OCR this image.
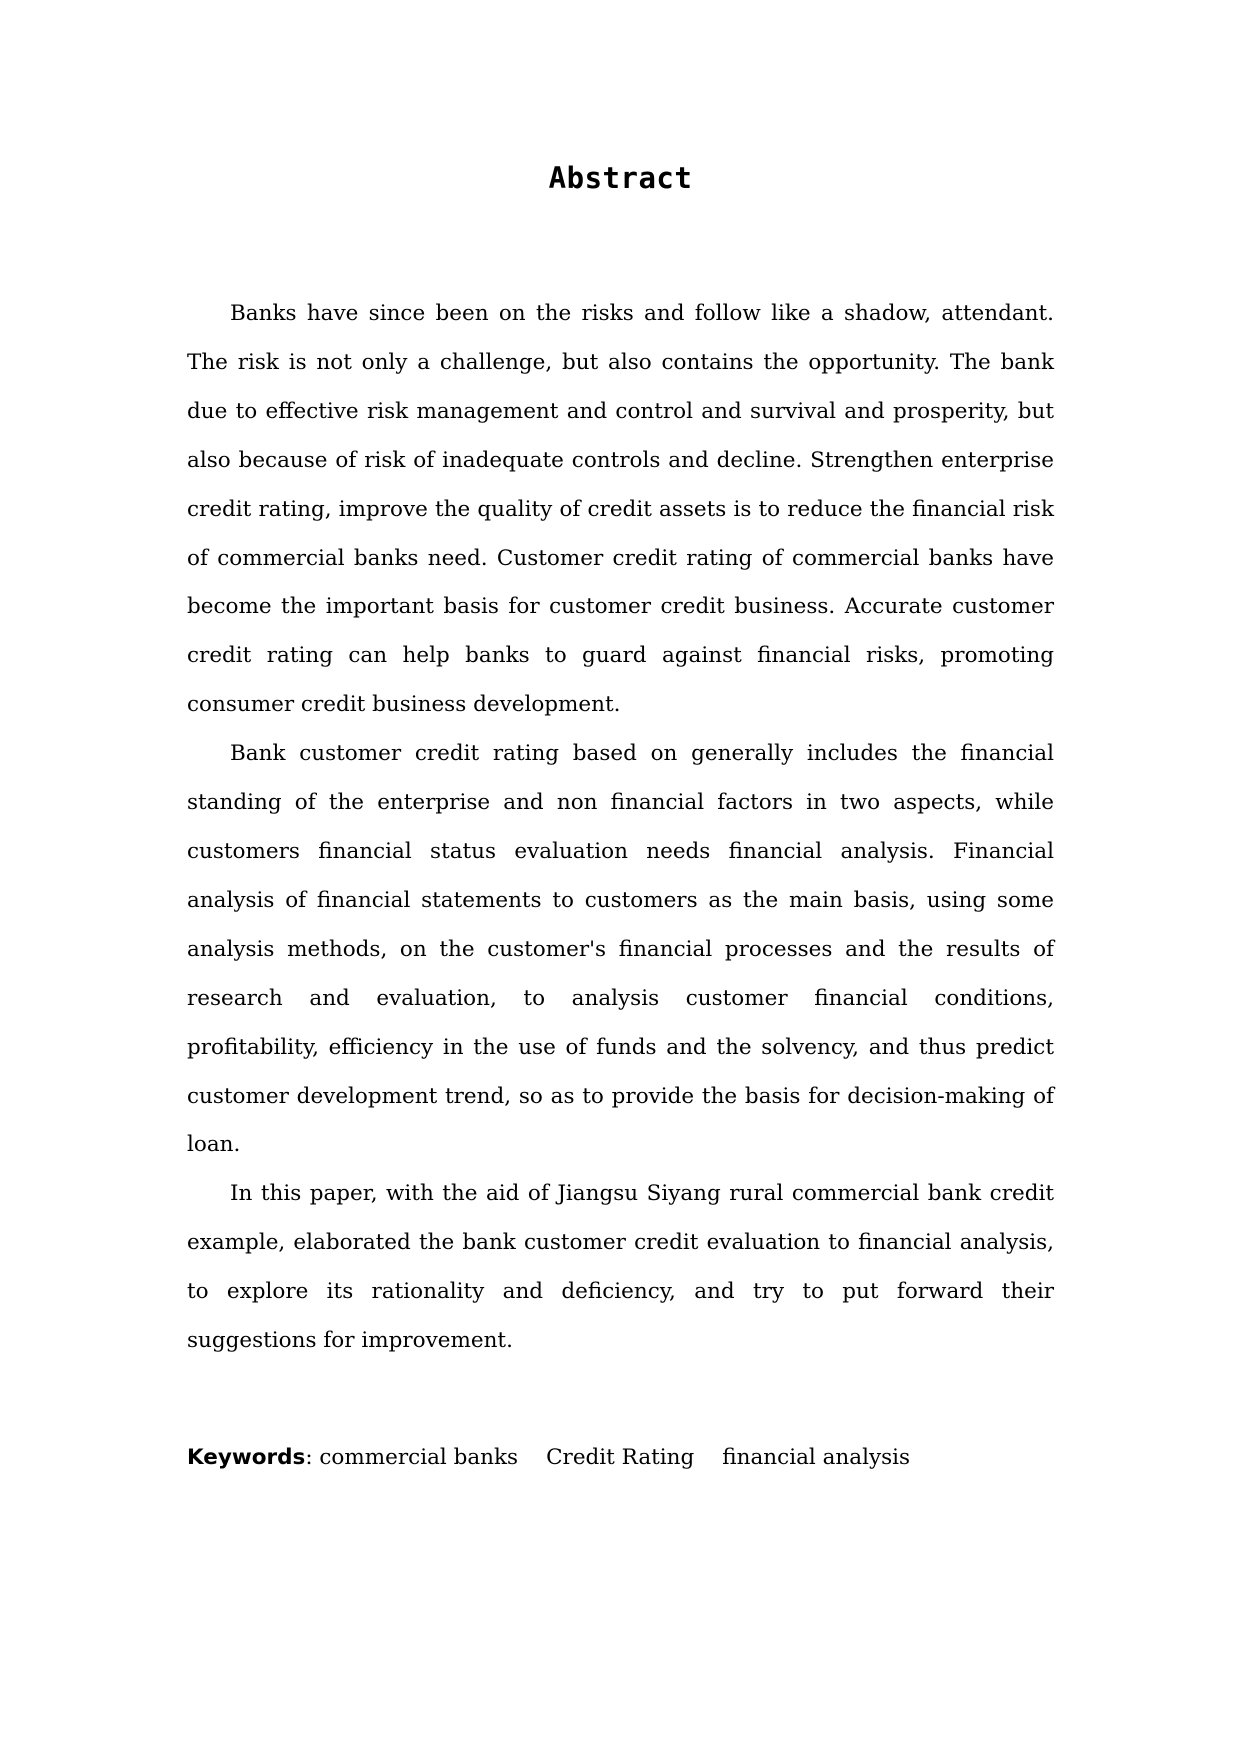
Abstract

Banks have since been on the risks and follow like a shadow, attendant. The risk is not only a challenge, but also contains the opportunity. The bank due to effective risk management and control and survival and prosperity, but also because of risk of inadequate controls and decline. Strengthen enterprise credit rating, improve the quality of credit assets is to reduce the financial risk of commercial banks need. Customer credit rating of commercial banks have become the important basis for customer credit business. Accurate customer credit rating can help banks to guard against financial risks, promoting consumer credit business development.

Bank customer credit rating based on generally includes the financial standing of the enterprise and non financial factors in two aspects, while customers financial status evaluation needs financial analysis. Financial analysis of financial statements to customers as the main basis, using some analysis methods, on the customer's financial processes and the results of research and evaluation, to analysis customer financial conditions, profitability, efficiency in the use of funds and the solvency, and thus predict customer development trend, so as to provide the basis for decision-making of loan.

In this paper, with the aid of Jiangsu Siyang rural commercial bank credit example, elaborated the bank customer credit evaluation to financial analysis, to explore its rationality and deficiency, and try to put forward their suggestions for improvement.

Keywords: commercial banks Credit Rating financial analysis
